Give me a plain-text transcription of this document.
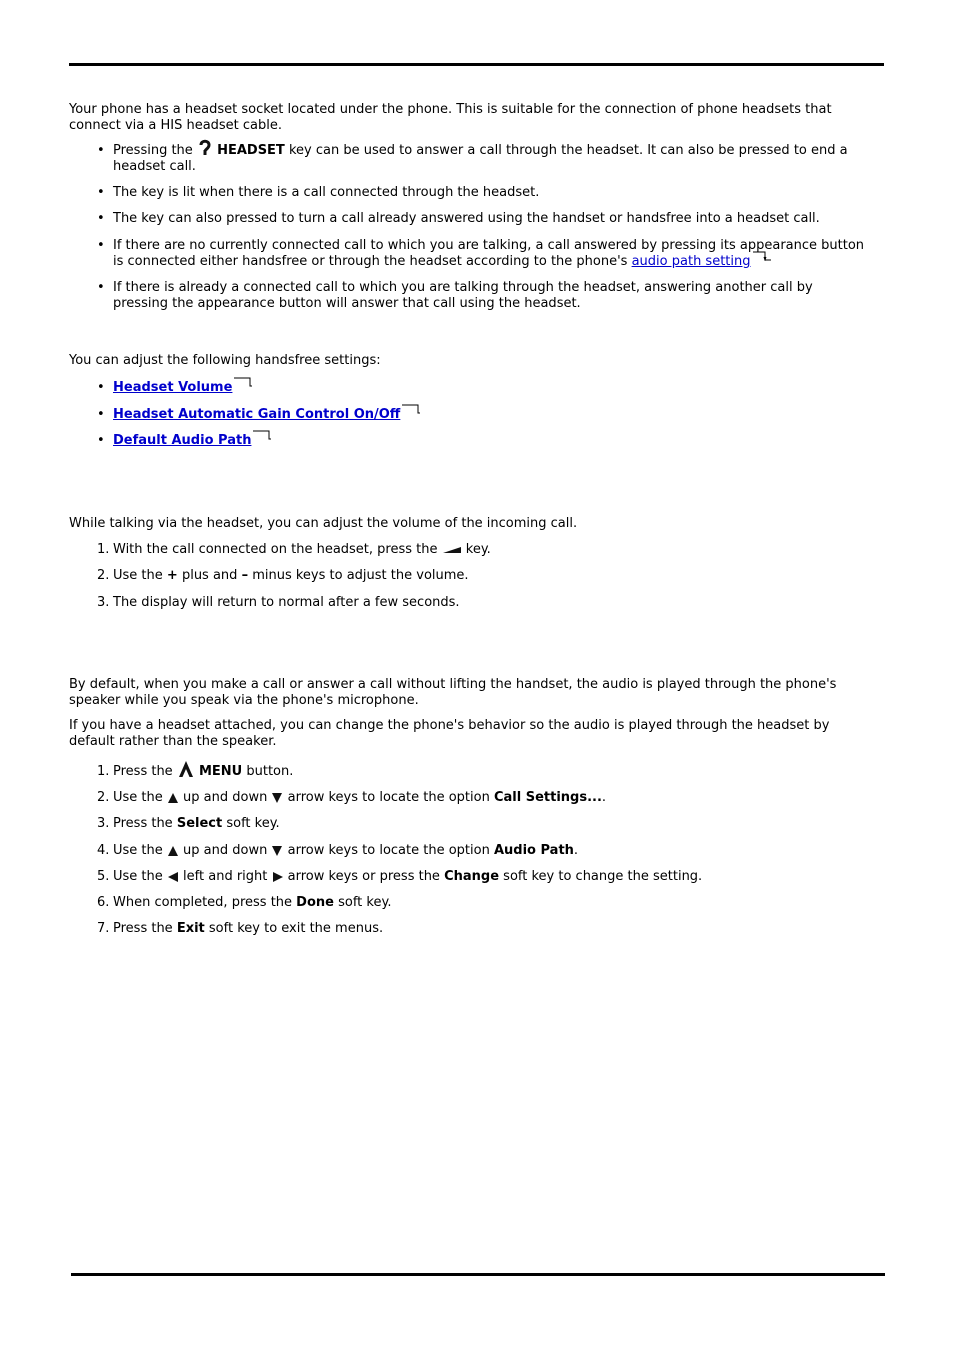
Your phone has a headset socket located under the phone. This is suitable for the connection of phone headsets that connect via a HIS headset cable.

• Pressing the HEADSET key can be used to answer a call through the headset. It can also be pressed to end a headset call.
• The key is lit when there is a call connected through the headset.
• The key can also pressed to turn a call already answered using the handset or handsfree into a headset call.
• If there are no currently connected call to which you are talking, a call answered by pressing its appearance button is connected either handsfree or through the headset according to the phone's audio path setting
• If there is already a connected call to which you are talking through the headset, answering another call by pressing the appearance button will answer that call using the headset.

You can adjust the following handsfree settings:

• Headset Volume
• Headset Automatic Gain Control On/Off
• Default Audio Path

While talking via the headset, you can adjust the volume of the incoming call.

1. With the call connected on the headset, press the key.
2. Use the + plus and – minus keys to adjust the volume.
3. The display will return to normal after a few seconds.

By default, when you make a call or answer a call without lifting the handset, the audio is played through the phone's speaker while you speak via the phone's microphone.

If you have a headset attached, you can change the phone's behavior so the audio is played through the headset by default rather than the speaker.

1. Press the MENU button.
2. Use the up and down arrow keys to locate the option Call Settings....
3. Press the Select soft key.
4. Use the up and down arrow keys to locate the option Audio Path.
5. Use the left and right arrow keys or press the Change soft key to change the setting.
6. When completed, press the Done soft key.
7. Press the Exit soft key to exit the menus.
